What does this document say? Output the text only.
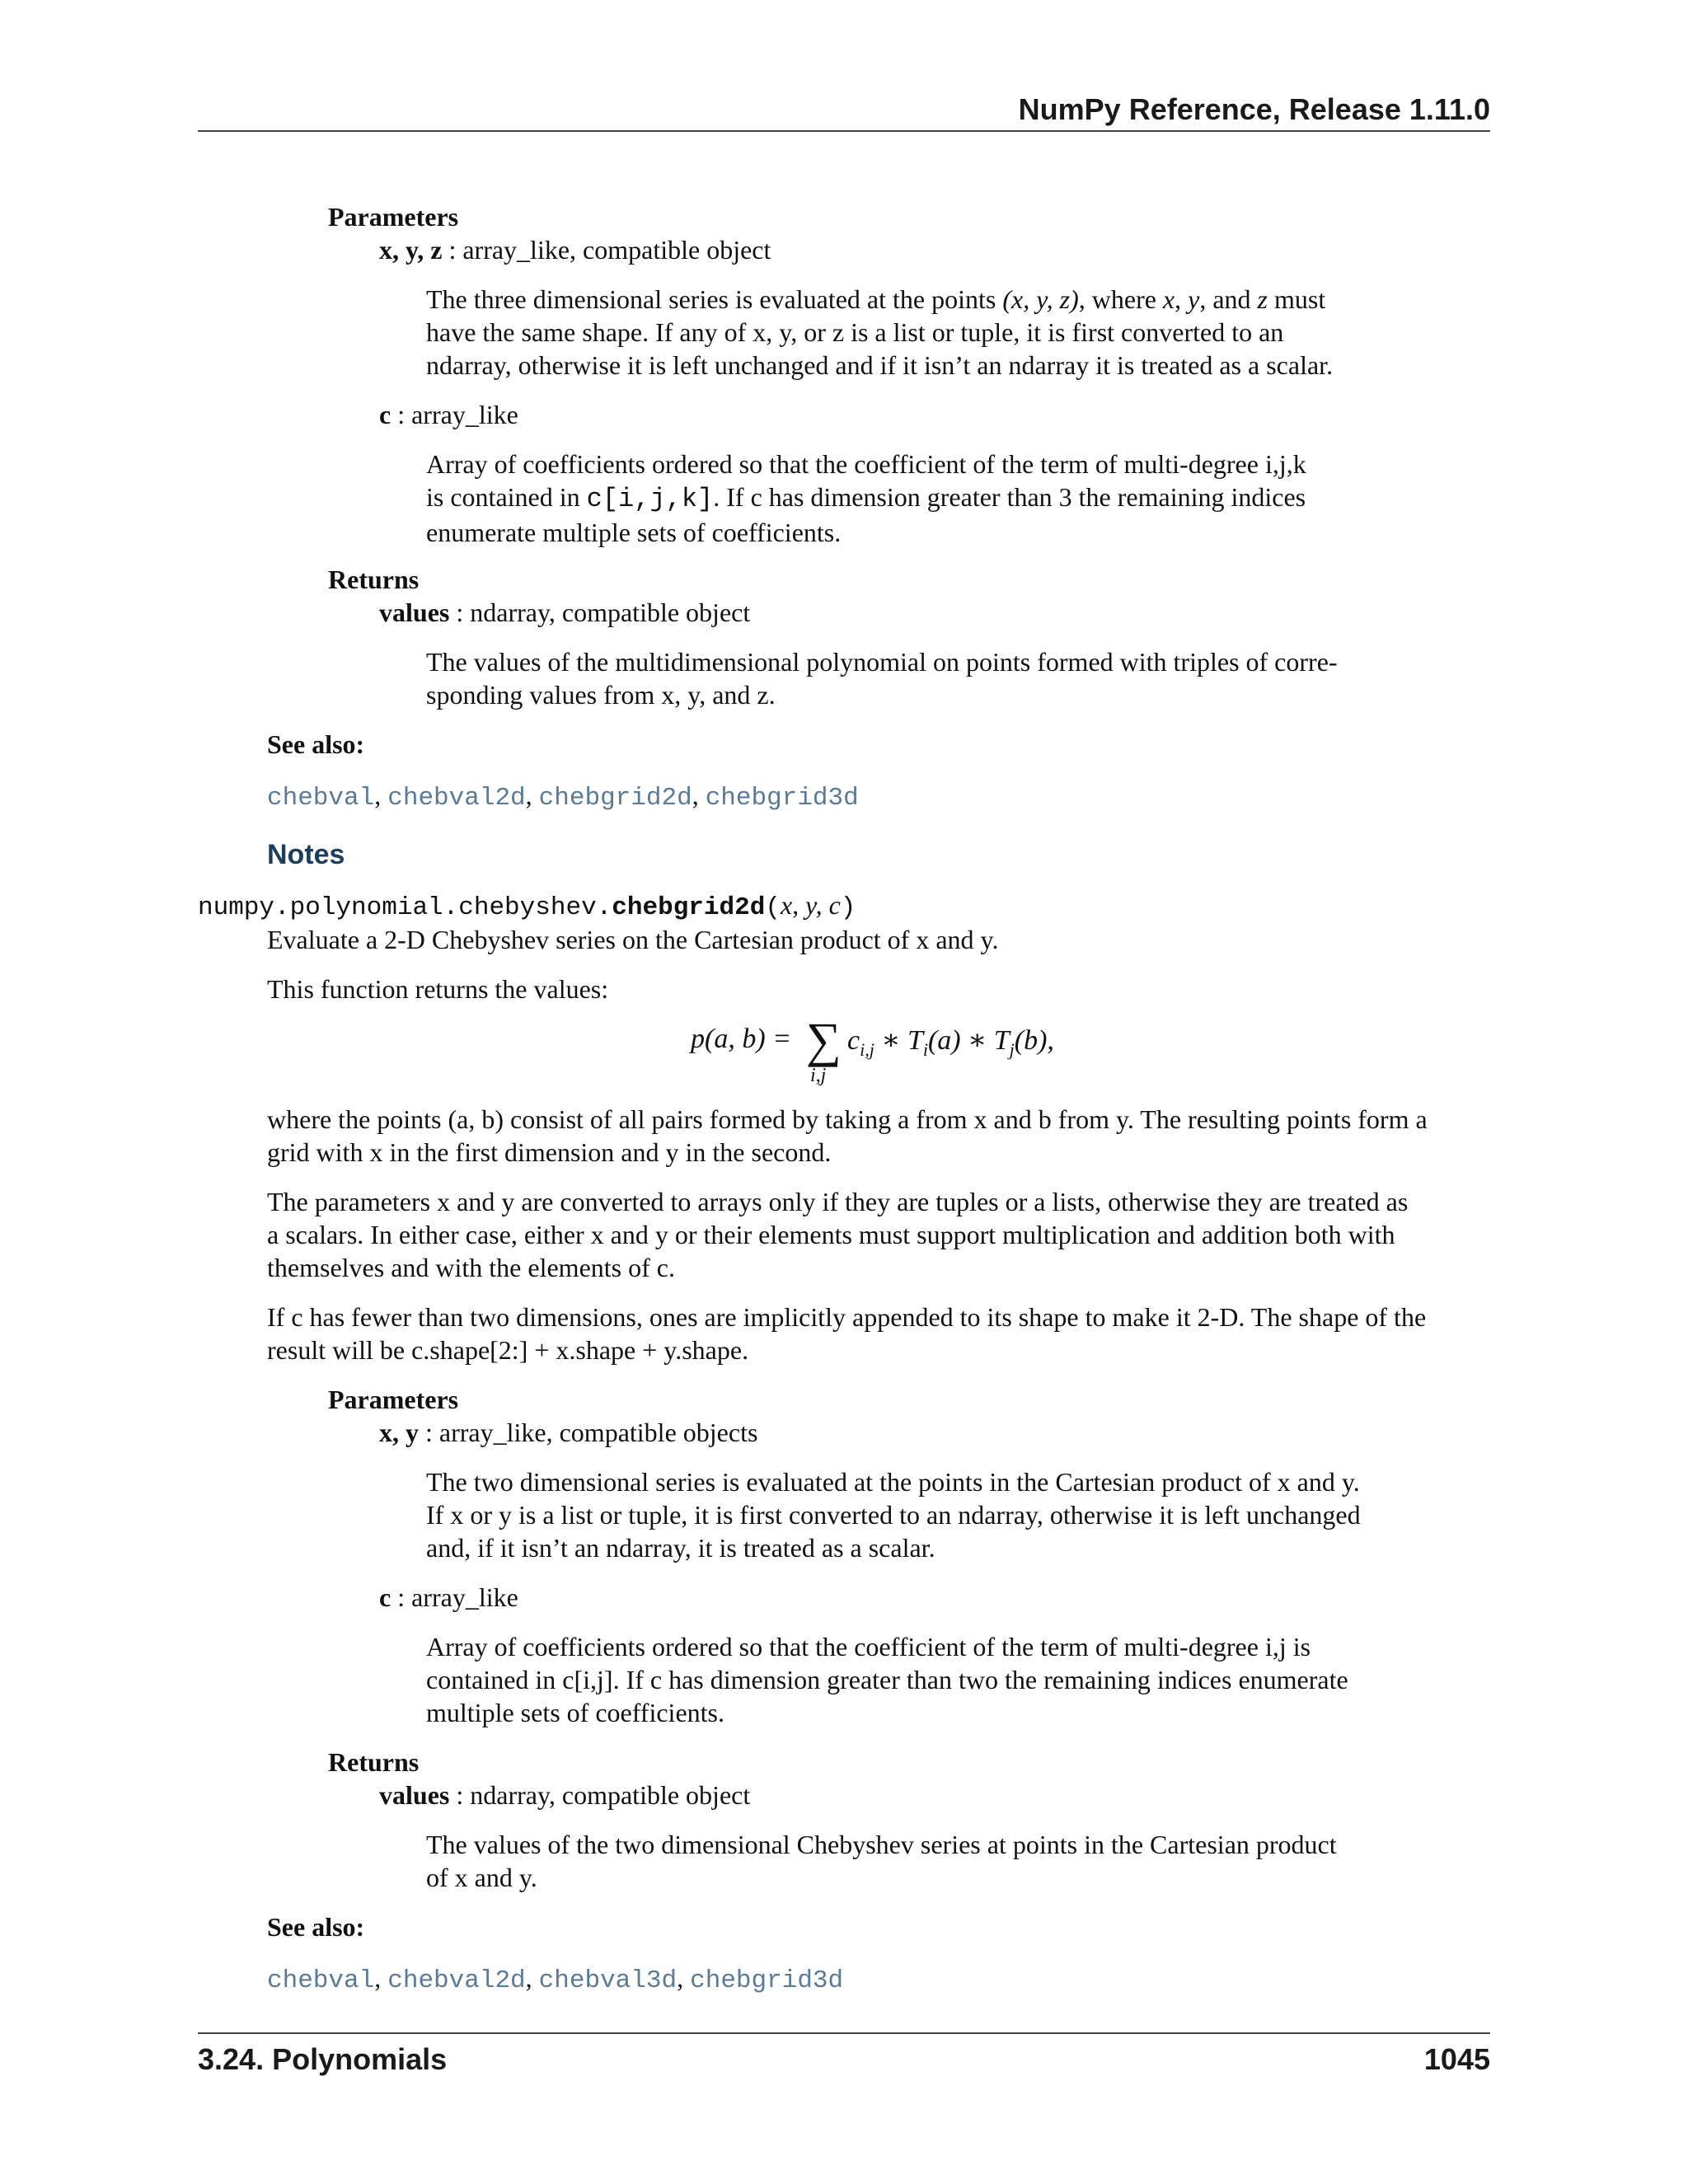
NumPy Reference, Release 1.11.0
Parameters
x, y, z : array_like, compatible object
The three dimensional series is evaluated at the points (x, y, z), where x, y, and z must
have the same shape. If any of x, y, or z is a list or tuple, it is first converted to an
ndarray, otherwise it is left unchanged and if it isn’t an ndarray it is treated as a scalar.
c : array_like
Array of coefficients ordered so that the coefficient of the term of multi-degree i,j,k
is contained in c[i,j,k]. If c has dimension greater than 3 the remaining indices
enumerate multiple sets of coefficients.
Returns
values : ndarray, compatible object
The values of the multidimensional polynomial on points formed with triples of corre-
sponding values from x, y, and z.
See also:
chebval, chebval2d, chebgrid2d, chebgrid3d
Notes
numpy.polynomial.chebyshev.chebgrid2d(x, y, c)
Evaluate a 2-D Chebyshev series on the Cartesian product of x and y.
This function returns the values:
p(a, b) = ∑
i,j
$c_{i,j}$ ∗ $T_i(a)$ ∗ $T_j(b)$,
where the points (a, b) consist of all pairs formed by taking a from x and b from y. The resulting points form a
grid with x in the first dimension and y in the second.
The parameters x and y are converted to arrays only if they are tuples or a lists, otherwise they are treated as
a scalars. In either case, either x and y or their elements must support multiplication and addition both with
themselves and with the elements of c.
If c has fewer than two dimensions, ones are implicitly appended to its shape to make it 2-D. The shape of the
result will be c.shape[2:] + x.shape + y.shape.
Parameters
x, y : array_like, compatible objects
The two dimensional series is evaluated at the points in the Cartesian product of x and y.
If x or y is a list or tuple, it is first converted to an ndarray, otherwise it is left unchanged
and, if it isn’t an ndarray, it is treated as a scalar.
c : array_like
Array of coefficients ordered so that the coefficient of the term of multi-degree i,j is
contained in c[i,j]. If c has dimension greater than two the remaining indices enumerate
multiple sets of coefficients.
Returns
values : ndarray, compatible object
The values of the two dimensional Chebyshev series at points in the Cartesian product
of x and y.
See also:
chebval, chebval2d, chebval3d, chebgrid3d
3.24. Polynomials	1045
